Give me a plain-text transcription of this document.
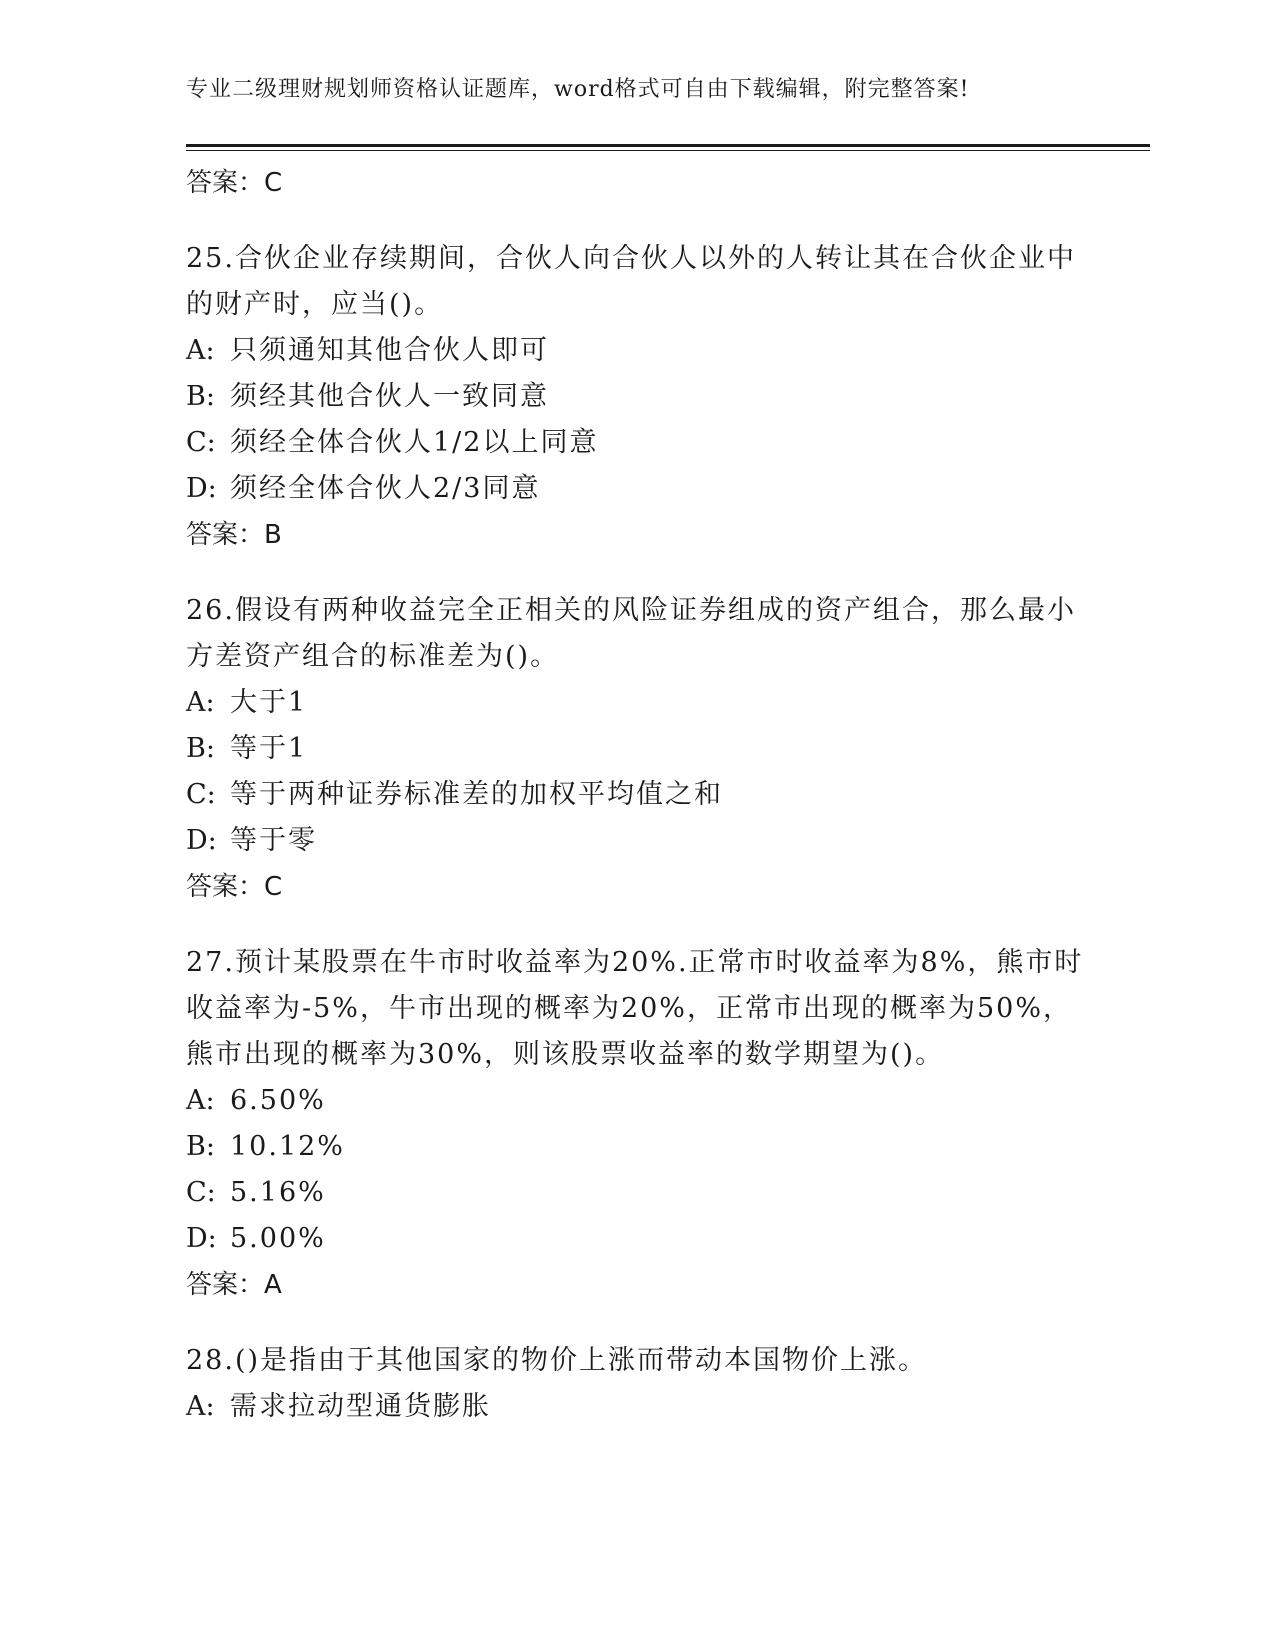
专业二级理财规划师资格认证题库，word格式可自由下载编辑，附完整答案!
答案：C
25.合伙企业存续期间，合伙人向合伙人以外的人转让其在合伙企业中的财产时，应当()。
A: 只须通知其他合伙人即可
B: 须经其他合伙人一致同意
C: 须经全体合伙人1/2以上同意
D: 须经全体合伙人2/3同意
答案：B
26.假设有两种收益完全正相关的风险证券组成的资产组合，那么最小方差资产组合的标准差为()。
A: 大于1
B: 等于1
C: 等于两种证券标准差的加权平均值之和
D: 等于零
答案：C
27.预计某股票在牛市时收益率为20%.正常市时收益率为8%，熊市时收益率为-5%，牛市出现的概率为20%，正常市出现的概率为50%，熊市出现的概率为30%，则该股票收益率的数学期望为()。
A: 6.50%
B: 10.12%
C: 5.16%
D: 5.00%
答案：A
28.()是指由于其他国家的物价上涨而带动本国物价上涨。
A: 需求拉动型通货膨胀
